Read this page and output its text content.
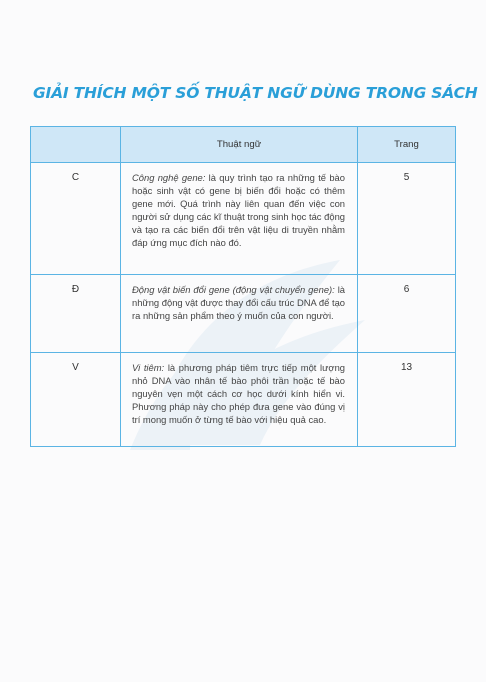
GIẢI THÍCH MỘT SỐ THUẬT NGỮ DÙNG TRONG SÁCH
	Thuật ngữ	Trang
C	Công nghệ gene: là quy trình tạo ra những tế bào hoặc sinh vật có gene bị biến đổi hoặc có thêm gene mới. Quá trình này liên quan đến việc con người sử dụng các kĩ thuật trong sinh học tác động và tạo ra các biến đổi trên vật liệu di truyền nhằm đáp ứng mục đích nào đó.	5
Đ	Động vật biến đổi gene (động vật chuyển gene): là những động vật được thay đổi cấu trúc DNA để tạo ra những sản phẩm theo ý muốn của con người.	6
V	Vi tiêm: là phương pháp tiêm trực tiếp một lượng nhỏ DNA vào nhân tế bào phôi trần hoặc tế bào nguyên vẹn một cách cơ học dưới kính hiển vi. Phương pháp này cho phép đưa gene vào đúng vị trí mong muốn ở từng tế bào với hiệu quả cao.	13
